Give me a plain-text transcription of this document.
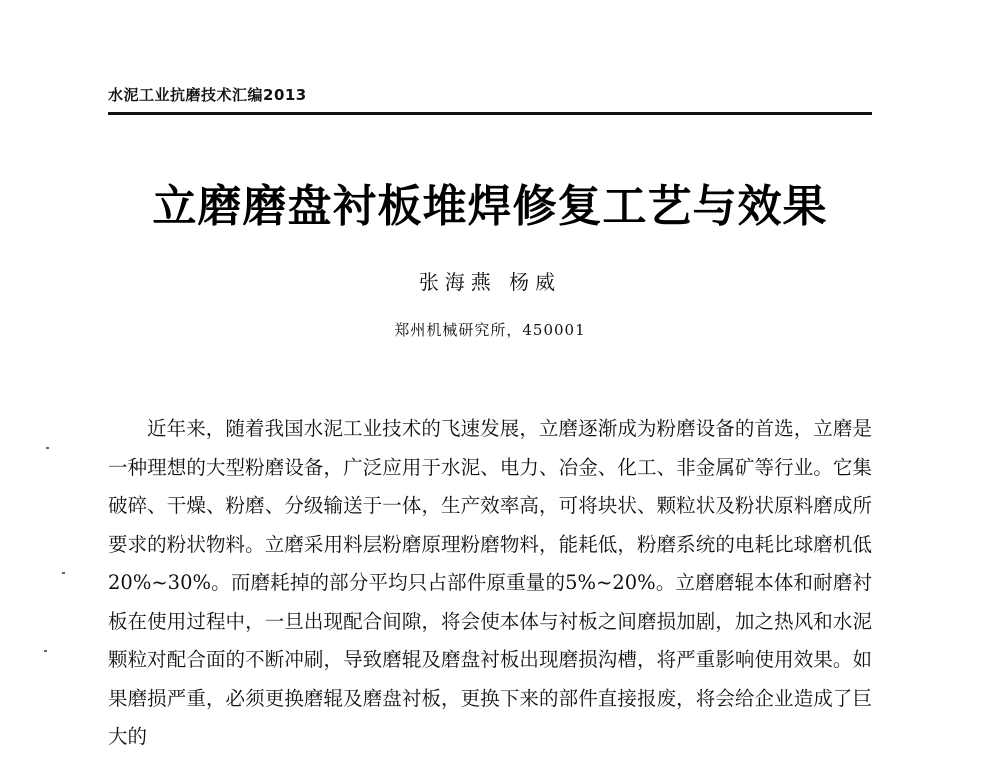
水泥工业抗磨技术汇编2013
立磨磨盘衬板堆焊修复工艺与效果
张海燕 杨威
郑州机械研究所，450001

近年来，随着我国水泥工业技术的飞速发展，立磨逐渐成为粉磨设备的首选，立磨是一种理想的大型粉磨设备，广泛应用于水泥、电力、冶金、化工、非金属矿等行业。它集破碎、干燥、粉磨、分级输送于一体，生产效率高，可将块状、颗粒状及粉状原料磨成所要求的粉状物料。立磨采用料层粉磨原理粉磨物料，能耗低，粉磨系统的电耗比球磨机低20%~30%。而磨耗掉的部分平均只占部件原重量的5%~20%。立磨磨辊本体和耐磨衬板在使用过程中，一旦出现配合间隙，将会使本体与衬板之间磨损加剧，加之热风和水泥颗粒对配合面的不断冲刷，导致磨辊及磨盘衬板出现磨损沟槽，将严重影响使用效果。如果磨损严重，必须更换磨辊及磨盘衬板，更换下来的部件直接报废，将会给企业造成了巨大的
